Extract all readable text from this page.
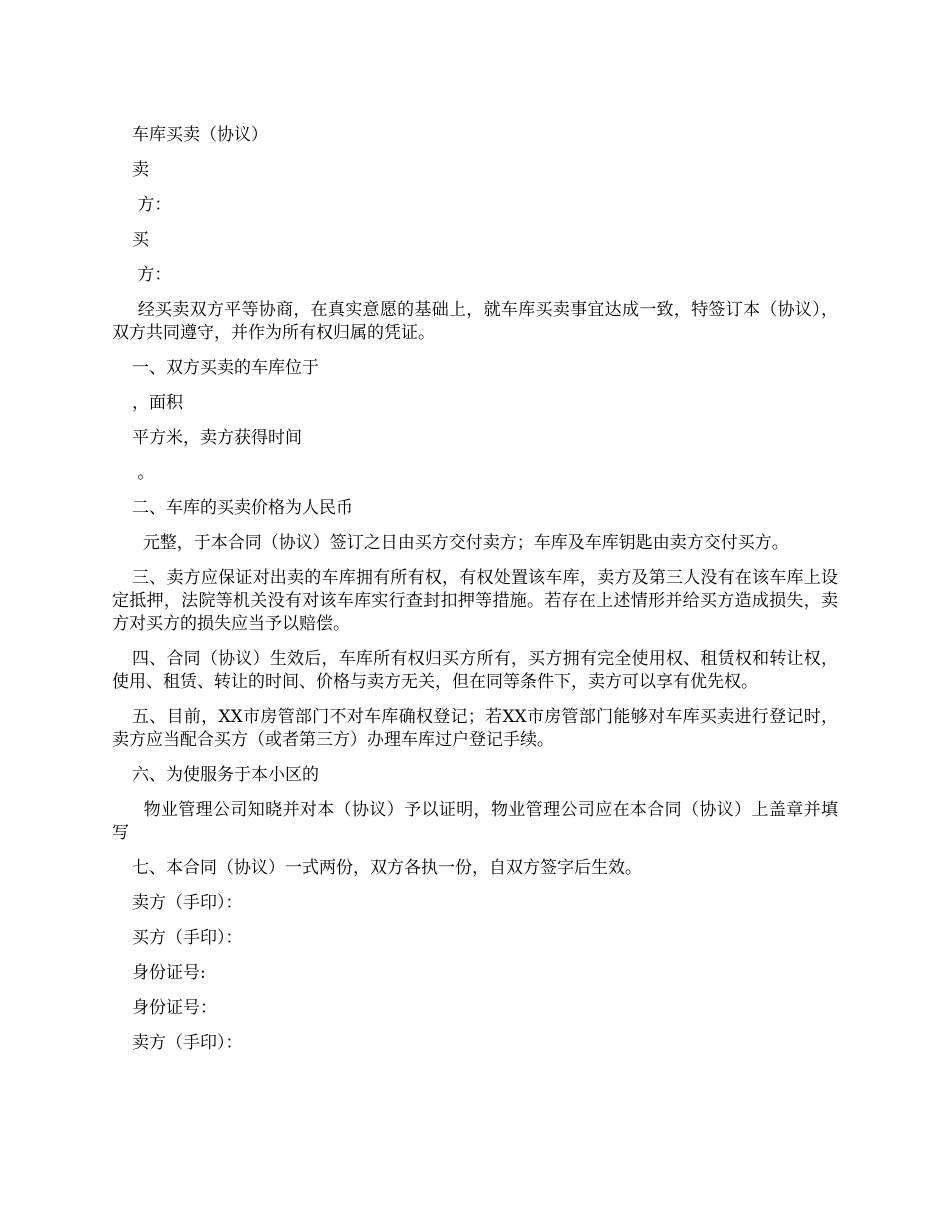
车库买卖（协议）

卖

方：

买

方：

经买卖双方平等协商，在真实意愿的基础上，就车库买卖事宜达成一致，特签订本（协议），双方共同遵守，并作为所有权归属的凭证。

一、双方买卖的车库位于

，面积

平方米，卖方获得时间

。

二、车库的买卖价格为人民币

元整，于本合同（协议）签订之日由买方交付卖方；车库及车库钥匙由卖方交付买方。

三、卖方应保证对出卖的车库拥有所有权，有权处置该车库，卖方及第三人没有在该车库上设定抵押，法院等机关没有对该车库实行查封扣押等措施。若存在上述情形并给买方造成损失，卖方对买方的损失应当予以赔偿。

四、合同（协议）生效后，车库所有权归买方所有，买方拥有完全使用权、租赁权和转让权，使用、租赁、转让的时间、价格与卖方无关，但在同等条件下，卖方可以享有优先权。

五、目前，XX市房管部门不对车库确权登记；若XX市房管部门能够对车库买卖进行登记时，卖方应当配合买方（或者第三方）办理车库过户登记手续。

六、为使服务于本小区的

物业管理公司知晓并对本（协议）予以证明，物业管理公司应在本合同（协议）上盖章并填写

七、本合同（协议）一式两份，双方各执一份，自双方签字后生效。

卖方（手印）：

买方（手印）：

身份证号:

身份证号：

卖方（手印）：
